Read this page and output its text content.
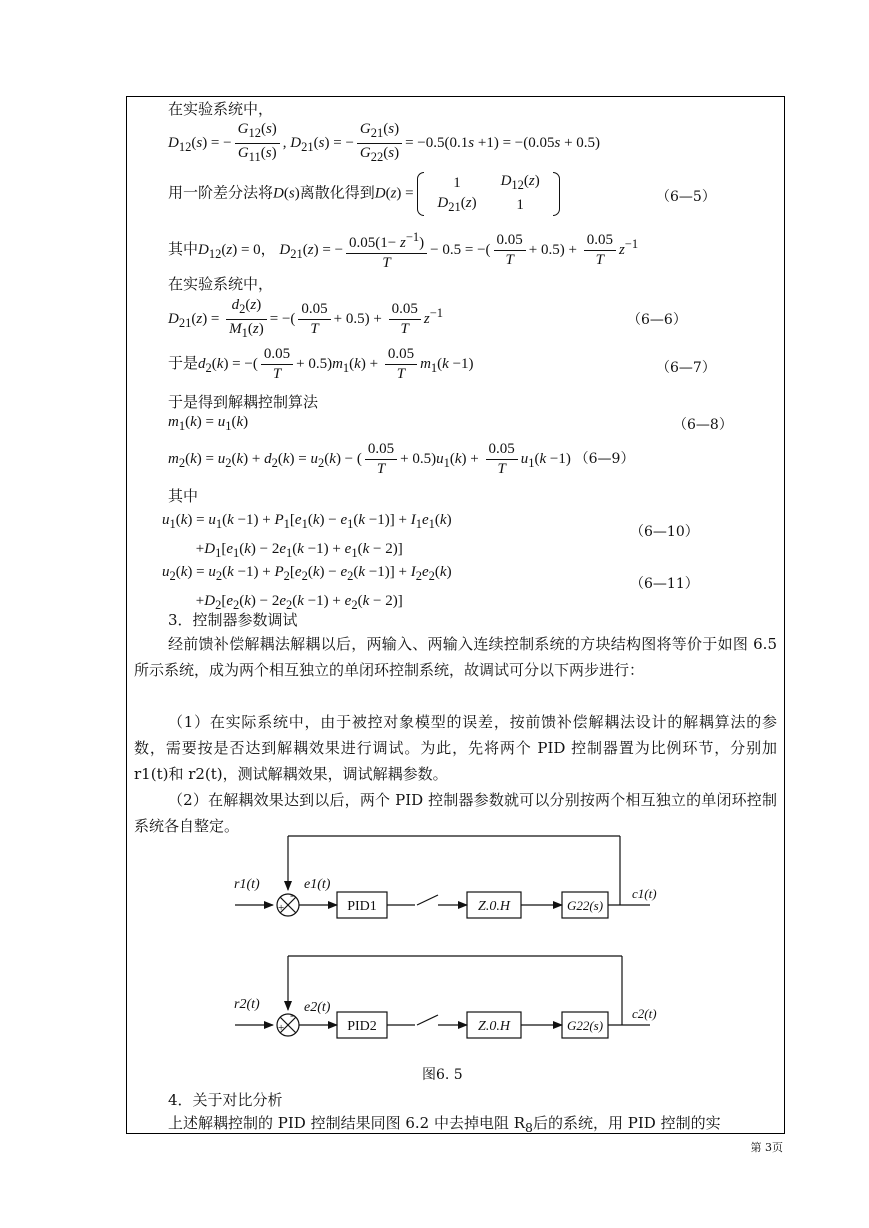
在实验系统中，
$D_{12}(s)$ = − $\frac{G_{12}(s)}{G_{11}(s)}$ , $D_{21}(s)$ = − $\frac{G_{21}(s)}{G_{22}(s)} = -0.5(0.1s +1) = -(0.05s + 0.5)$
用一阶差分法将D(s)离散化得到D(z) =
1	$D_{12}(z)$
$D_{21}(z)$	1	（6—5）
其中$D_{12}(z) = 0$， $D_{21}(z)$ = − $\frac{0.05(1- z^{-1})}{T} - 0.5$ = −( $\frac{0.05}{T} + 0.5) + \frac{0.05}{T} z^{-1}$
在实验系统中，
$D_{21}(z) = \frac{d_2(z)}{M_1(z)}$ = −( $\frac{0.05}{T} + 0.5) + \frac{0.05}{T} z^{-1}$	（6—6）
于是$d_2(k)$ = −( $\frac{0.05}{T} + 0.5)m_1(k) + \frac{0.05}{T} m_1(k -1)$	（6—7）
于是得到解耦控制算法
$m_1(k) = u_1(k)$	（6—8）
$m_2(k) = u_2(k) + d_2(k) = u_2(k)$ − ( $\frac{0.05}{T} + 0.5)u_1(k) + \frac{0.05}{T} u_1(k -1)$ （6—9）
其中
$u_1(k) = u_1(k -1) + P_1[e_1(k) - e_1(k -1)] + I_1e_1(k)$
$+D_1[e_1(k) - 2e_1(k -1) + e_1(k - 2)]$
（6—10）
$u_2(k) = u_2(k -1) + P_2[e_2(k) - e_2(k -1)] + I_2e_2(k)$
$+D_2[e_2(k) - 2e_2(k -1) + e_2(k - 2)]$
（6—11）
3．控制器参数调试
经前馈补偿解耦法解耦以后，两输入、两输入连续控制系统的方块结构图将等价于如图 6.5 所示系统，成为两个相互独立的单闭环控制系统，故调试可分以下两步进行：
（1）在实际系统中，由于被控对象模型的误差，按前馈补偿解耦法设计的解耦算法的参数，需要按是否达到解耦效果进行调试。为此，先将两个 PID 控制器置为比例环节，分别加 r1(t)和 r2(t)，测试解耦效果，调试解耦参数。
（2）在解耦效果达到以后，两个 PID 控制器参数就可以分别按两个相互独立的单闭环控制系统各自整定。
r1(t)	e1(t)
+
-
PID1	Z.0.H	G22(s)
c1(t)
r2(t)	e2(t)
+
-
PID2	Z.0.H	G22(s)
c2(t)
图6. 5
4．关于对比分析
上述解耦控制的 PID 控制结果同图 6.2 中去掉电阻 $R_8$后的系统，用 PID 控制的实
第 3页
